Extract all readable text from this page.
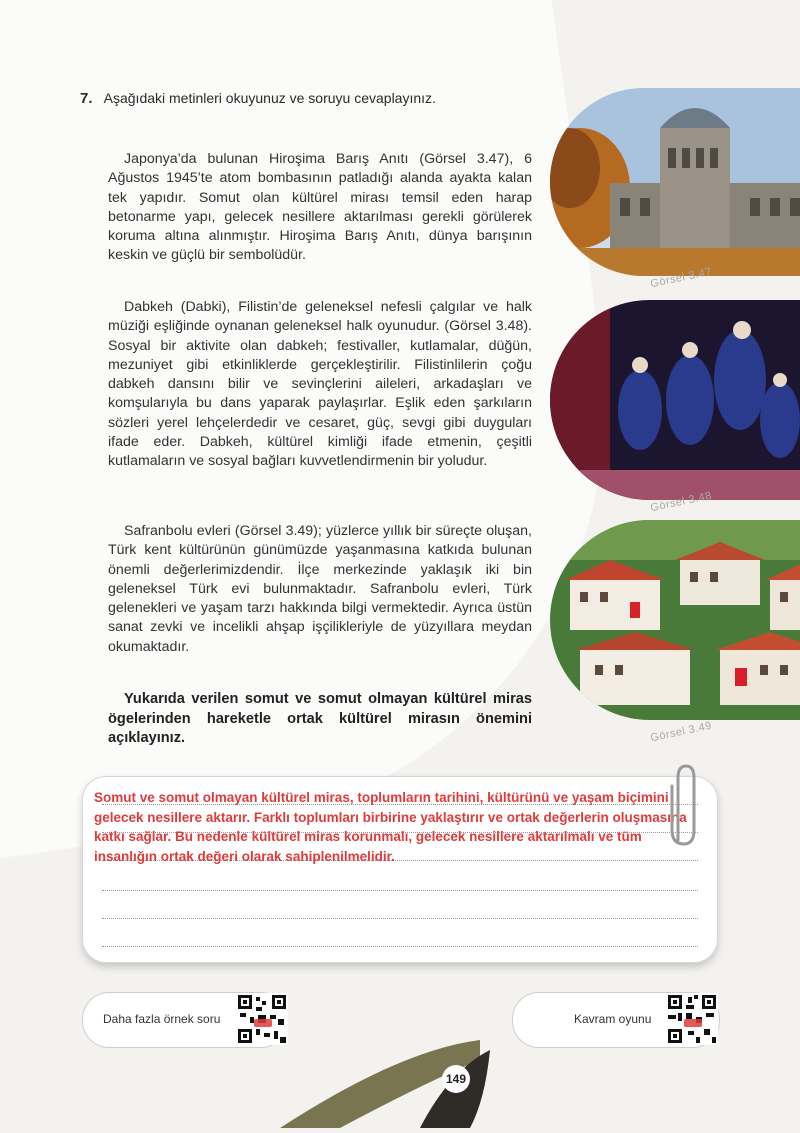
7. Aşağıdaki metinleri okuyunuz ve soruyu cevaplayınız.
Japonya’da bulunan Hiroşima Barış Anıtı (Görsel 3.47), 6 Ağustos 1945’te atom bombasının patladığı alanda ayakta kalan tek yapıdır. Somut olan kültürel mirası temsil eden harap betonarme yapı, gelecek nesillere aktarılması gerekli görülerek koruma altına alınmıştır. Hiroşima Barış Anıtı, dünya barışının keskin ve güçlü bir sembolüdür.
Dabkeh (Dabki), Filistin’de geleneksel nefesli çalgılar ve halk müziği eşliğinde oynanan geleneksel halk oyunudur. (Görsel 3.48). Sosyal bir aktivite olan dabkeh; festivaller, kutlamalar, düğün, mezuniyet gibi etkinliklerde gerçekleştirilir. Filistinlilerin çoğu dabkeh dansını bilir ve sevinçlerini aileleri, arkadaşları ve komşularıyla bu dans yaparak paylaşırlar. Eşlik eden şarkıların sözleri yerel lehçelerdedir ve cesaret, güç, sevgi gibi duyguları ifade eder. Dabkeh, kültürel kimliği ifade etmenin, çeşitli kutlamaların ve sosyal bağları kuvvetlendirmenin bir yoludur.
Safranbolu evleri (Görsel 3.49); yüzlerce yıllık bir süreçte oluşan, Türk kent kültürünün günümüzde yaşanmasına katkıda bulunan önemli değerlerimizdendir. İlçe merkezinde yaklaşık iki bin geleneksel Türk evi bulunmaktadır. Safranbolu evleri, Türk gelenekleri ve yaşam tarzı hakkında bilgi vermektedir. Ayrıca üstün sanat zevki ve incelikli ahşap işçilikleriyle de yüzyıllara meydan okumaktadır.
Yukarıda verilen somut ve somut olmayan kültürel miras ögelerinden hareketle ortak kültürel mirasın önemini açıklayınız.
Görsel 3.47
Görsel 3.48
Görsel 3.49
Somut ve somut olmayan kültürel miras, toplumların tarihini, kültürünü ve yaşam biçimini gelecek nesillere aktarır. Farklı toplumları birbirine yaklaştırır ve ortak değerlerin oluşmasına katkı sağlar. Bu nedenle kültürel miras korunmalı, gelecek nesillere aktarılmalı ve tüm insanlığın ortak değeri olarak sahiplenilmelidir.
Daha fazla örnek soru	Kavram oyunu
149
